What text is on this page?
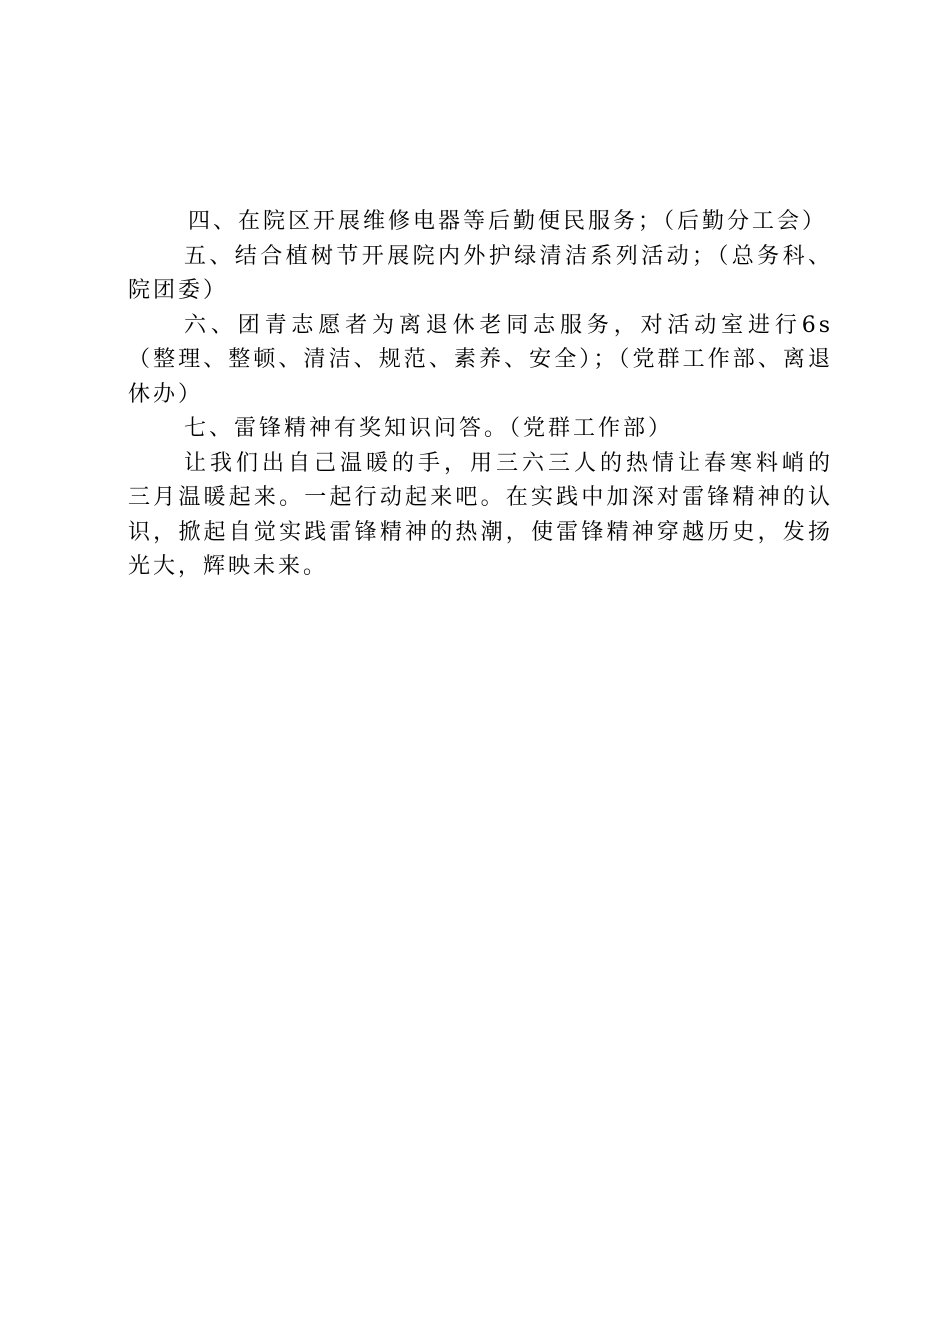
四、在院区开展维修电器等后勤便民服务；（后勤分工会）

五、结合植树节开展院内外护绿清洁系列活动；（总务科、院团委）

六、团青志愿者为离退休老同志服务，对活动室进行6s（整理、整顿、清洁、规范、素养、安全）；（党群工作部、离退休办）

七、雷锋精神有奖知识问答。（党群工作部）

让我们出自己温暖的手，用三六三人的热情让春寒料峭的三月温暖起来。一起行动起来吧。在实践中加深对雷锋精神的认识，掀起自觉实践雷锋精神的热潮，使雷锋精神穿越历史，发扬光大，辉映未来。
